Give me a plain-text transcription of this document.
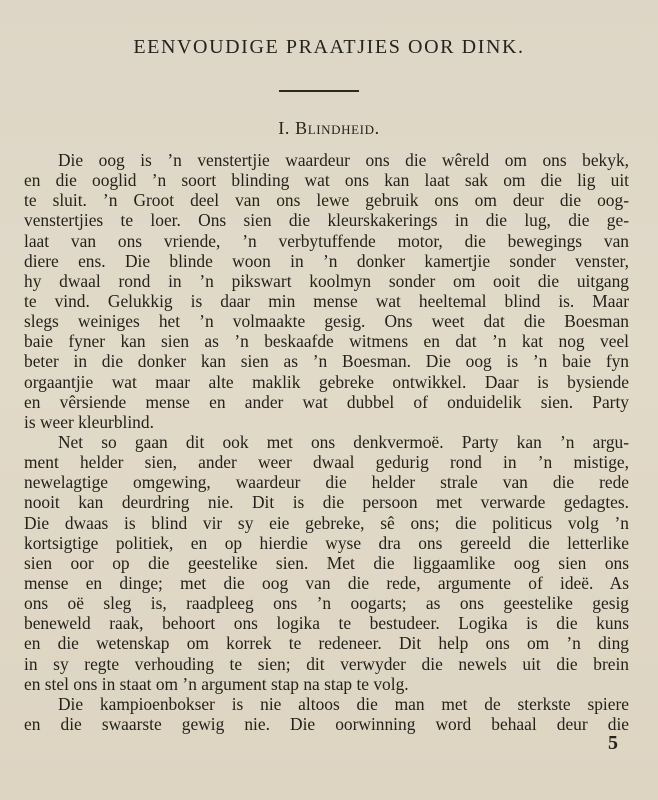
EENVOUDIGE PRAATJIES OOR DINK.
I. Blindheid.
Die oog is ’n venstertjie waardeur ons die wêreld om ons bekyk,
en die ooglid ’n soort blinding wat ons kan laat sak om die lig uit
te sluit. ’n Groot deel van ons lewe gebruik ons om deur die oog-
venstertjies te loer. Ons sien die kleurskakerings in die lug, die ge-
laat van ons vriende, ’n verbytuffende motor, die bewegings van
diere ens. Die blinde woon in ’n donker kamertjie sonder venster,
hy dwaal rond in ’n pikswart koolmyn sonder om ooit die uitgang
te vind. Gelukkig is daar min mense wat heeltemal blind is. Maar
slegs weiniges het ’n volmaakte gesig. Ons weet dat die Boesman
baie fyner kan sien as ’n beskaafde witmens en dat ’n kat nog veel
beter in die donker kan sien as ’n Boesman. Die oog is ’n baie fyn
orgaantjie wat maar alte maklik gebreke ontwikkel. Daar is bysiende
en vêrsiende mense en ander wat dubbel of onduidelik sien. Party
is weer kleurblind.
Net so gaan dit ook met ons denkvermoë. Party kan ’n argu-
ment helder sien, ander weer dwaal gedurig rond in ’n mistige,
newelagtige omgewing, waardeur die helder strale van die rede
nooit kan deurdring nie. Dit is die persoon met verwarde gedagtes.
Die dwaas is blind vir sy eie gebreke, sê ons; die politicus volg ’n
kortsigtige politiek, en op hierdie wyse dra ons gereeld die letterlike
sien oor op die geestelike sien. Met die liggaamlike oog sien ons
mense en dinge; met die oog van die rede, argumente of ideë. As
ons oë sleg is, raadpleeg ons ’n oogarts; as ons geestelike gesig
beneweld raak, behoort ons logika te bestudeer. Logika is die kuns
en die wetenskap om korrek te redeneer. Dit help ons om ’n ding
in sy regte verhouding te sien; dit verwyder die newels uit die brein
en stel ons in staat om ’n argument stap na stap te volg.
Die kampioenbokser is nie altoos die man met de sterkste spiere
en die swaarste gewig nie. Die oorwinning word behaal deur die
5
